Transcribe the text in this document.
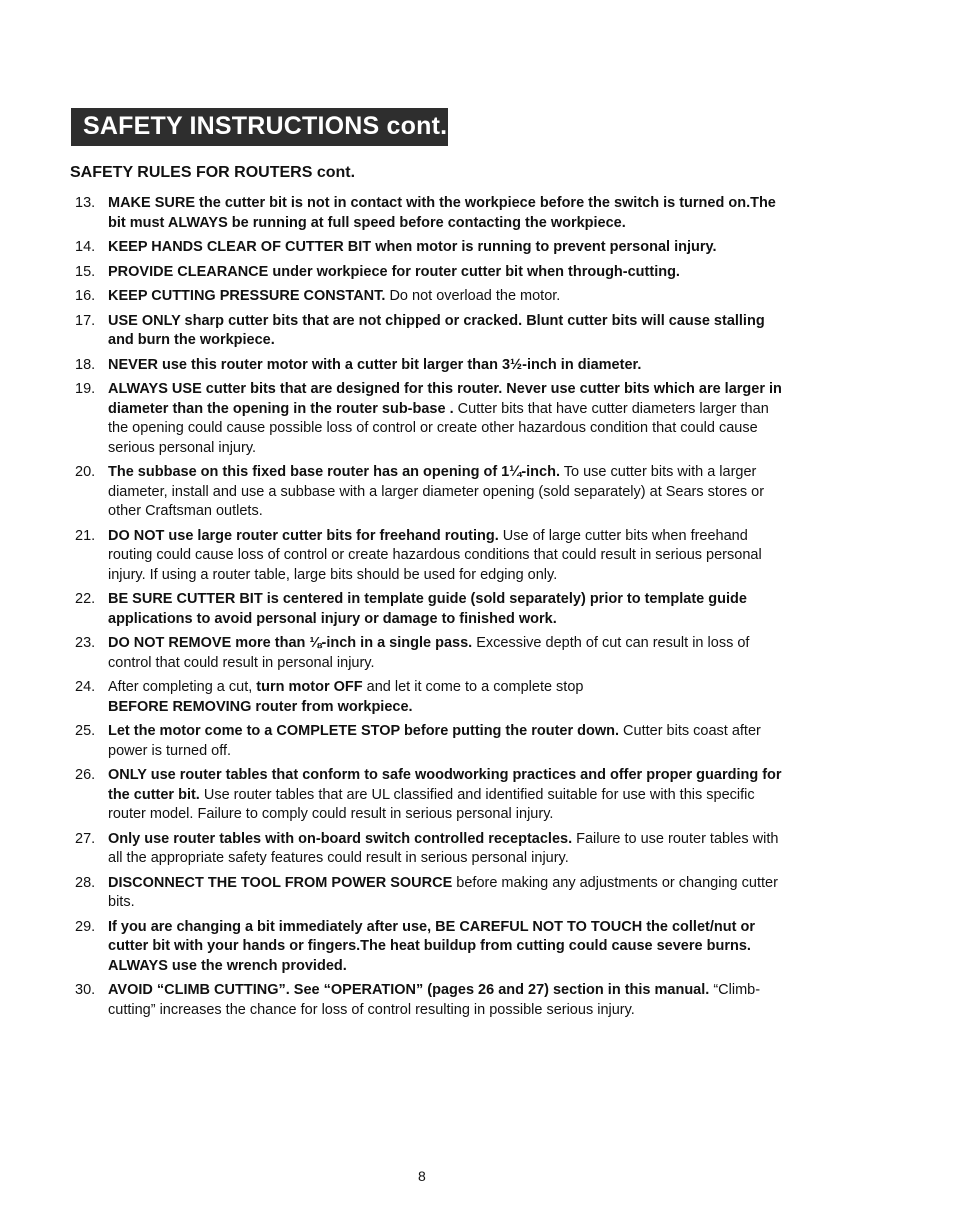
SAFETY INSTRUCTIONS cont.
SAFETY RULES FOR ROUTERS cont.
13. MAKE SURE the cutter bit is not in contact with the workpiece before the switch is turned on.The bit must ALWAYS be running at full speed before contacting the workpiece.
14. KEEP HANDS CLEAR OF CUTTER BIT when motor is running to prevent personal injury.
15. PROVIDE CLEARANCE under workpiece for router cutter bit when through-cutting.
16. KEEP CUTTING PRESSURE CONSTANT. Do not overload the motor.
17. USE ONLY sharp cutter bits that are not chipped or cracked. Blunt cutter bits will cause stalling and burn the workpiece.
18. NEVER use this router motor with a cutter bit larger than 3½-inch in diameter.
19. ALWAYS USE cutter bits that are designed for this router. Never use cutter bits which are larger in diameter than the opening in the router sub-base . Cutter bits that have cutter diameters larger than the opening could cause possible loss of control or create other hazardous condition that could cause serious personal injury.
20. The subbase on this fixed base router has an opening of 1¼-inch. To use cutter bits with a larger diameter, install and use a subbase with a larger diameter opening (sold separately) at Sears stores or other Craftsman outlets.
21. DO NOT use large router cutter bits for freehand routing. Use of large cutter bits when freehand routing could cause loss of control or create hazardous conditions that could result in serious personal injury. If using a router table, large bits should be used for edging only.
22. BE SURE CUTTER BIT is centered in template guide (sold separately) prior to template guide applications to avoid personal injury or damage to finished work.
23. DO NOT REMOVE more than ⅛-inch in a single pass. Excessive depth of cut can result in loss of control that could result in personal injury.
24. After completing a cut, turn motor OFF and let it come to a complete stop
BEFORE REMOVING router from workpiece.
25. Let the motor come to a COMPLETE STOP before putting the router down. Cutter bits coast after power is turned off.
26. ONLY use router tables that conform to safe woodworking practices and offer proper guarding for the cutter bit. Use router tables that are UL classified and identified suitable for use with this specific router model. Failure to comply could result in serious personal injury.
27. Only use router tables with on-board switch controlled receptacles. Failure to use router tables with all the appropriate safety features could result in serious personal injury.
28. DISCONNECT THE TOOL FROM POWER SOURCE before making any adjustments or changing cutter bits.
29. If you are changing a bit immediately after use, BE CAREFUL NOT TO TOUCH the collet/nut or cutter bit with your hands or fingers.The heat buildup from cutting could cause severe burns. ALWAYS use the wrench provided.
30. AVOID “CLIMB CUTTING”. See “OPERATION” (pages 26 and 27) section in this manual. “Climb-cutting” increases the chance for loss of control resulting in possible serious injury.
8
